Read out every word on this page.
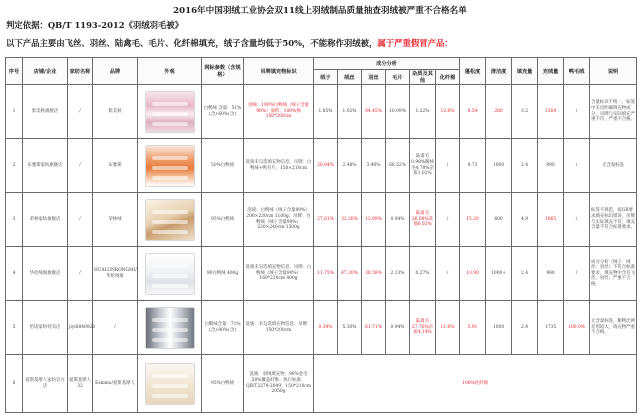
2016年中国羽绒工业协会双11线上羽绒制品质量抽查羽绒被严重不合格名单
判定依据：QB/T 1193-2012《羽绒羽毛被》
以下产品主要由飞丝、羽丝、陆禽毛、毛片、化纤棉填充，绒子含量均低于50%，不能称作羽绒被，属于严重假冒产品：
序号	店铺/企业	家纺名称	品牌	外观	网标参数（含规格）	吊牌填充物标识	成分分析						蓬松度	清洁度	填充量	充绒量	鸭毛绒	说明
							绒子	绒丝	羽丝	毛片	杂质及其他	化纤棉						
1	紫美秋旗舰店	/	紫美秋		白鸭绒 含量：51%(含)-60%(含)	羽绒：100%白鸭绒（绒子含量90%）面料：100%棉 150*200cm	1.85%	1.02%	84.45%	10.09%	1.22%	12.0%	8.54	280	3.2	1564	/	含量标识不统一，标签中未出明确填充物成分，吊牌与实际填充严重不符，严重不合格。
2	布雅斯家纺旗舰店	/	布雅斯		50%白鸭绒	洗唛未勾选填充物信息，吊牌：白鸭绒+鸭毛片，150×210cm	20.84%	2.48%	3.40%	68.52%	陆禽毛0.98%鹅绒毛4.78%杂质1.02%	/	9.73	1000	2.4	890	/	无含量标签
3	荣林家纺旗舰店	/	荣林绒		95%白鸭绒	洗唛：白鸭绒（绒子含量90%）200×230cm 1100g；吊牌：白鸭绒（绒子含量90%）220×240cm 1500g	27.61%	32.20%	13.09%	0.94%	陆禽毛26.08%其他0.02%	/	15.29	600	4.9	1065	/	标签不规范，按GB要求填充标识错误，吊牌与实际填充不符，填充含量不符合标准要求。
4	华伦绒蜜旗舰店	/	HUALUNRONGMI/华伦绒蜜		90白鸭绒 400g	洗唛未勾选填充物信息，吊牌：白鸭绒（绒子含量90%）160*210cm 400g	11.75%	47.20%	38.58%	2.13%	0.27%	/	13.90	1000+	2.4	980	/	成分分析（绒子：绒丝：羽丝）不符合标准要求，填充物中含有飞丝、羽丝，严重不合格。
5	怡诺家纺特卖店	jiyi0840926	/		白鹅绒含量：71%(含)-80%(含)	洗唛：未勾选填充物信息；吊牌：150*200cm	0.39%	5.30%	61.71%	0.94%	陆禽毛27.76%杂质4.14%	11.0%	5.91	1000	2.4	1735	100.0%	无含量标签，鹅鸭比例差别较大，填充物严重不合格。
6	爱斯基摩人家纺官方店	爱斯基摩人32	Eskimo/爱斯基摩人		95%白鸭绒	洗唛：羽绒填充物，90%金毛50%覆盖纤维；执行标准：QB/T2279-2009；150*210cm 2050g	100%化纤棉											
